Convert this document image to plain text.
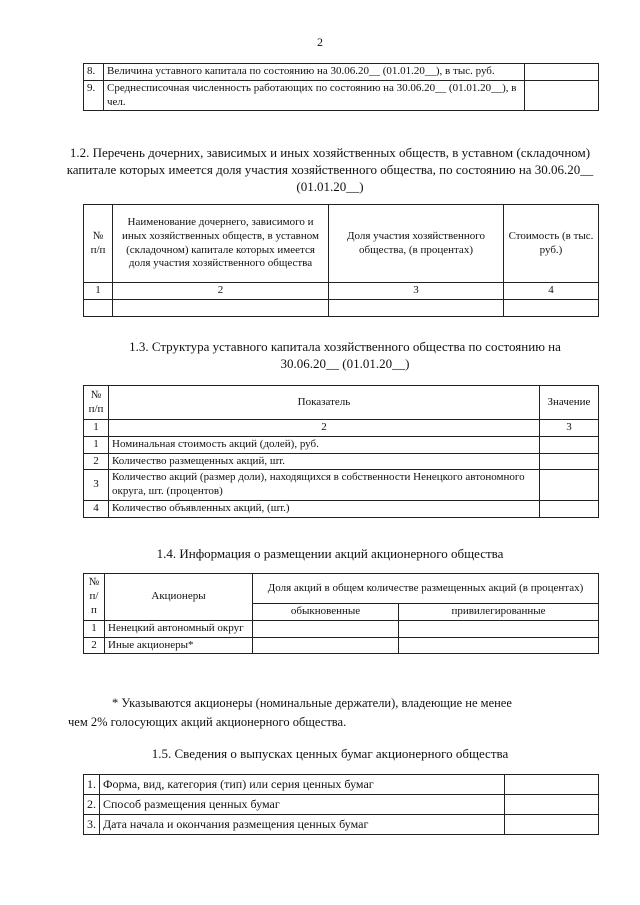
2
8.	Величина уставного капитала по состоянию на 30.06.20__ (01.01.20__), в тыс. руб.	
9.	Среднесписочная численность работающих по состоянию на 30.06.20__ (01.01.20__), в чел.	
1.2. Перечень дочерних, зависимых и иных хозяйственных обществ, в уставном (складочном) капитале которых имеется доля участия хозяйственного общества, по состоянию на 30.06.20__ (01.01.20__)
№ п/п	Наименование дочернего, зависимого и иных хозяйственных обществ, в уставном (складочном) капитале которых имеется доля участия хозяйственного общества	Доля участия хозяйственного общества, (в процентах)	Стоимость (в тыс. руб.)
1	2	3	4

1.3. Структура уставного капитала хозяйственного общества по состоянию на 30.06.20__ (01.01.20__)
№ п/п	Показатель	Значение
1	2	3
1	Номинальная стоимость акций (долей), руб.	
2	Количество размещенных акций, шт.	
3	Количество акций (размер доли), находящихся в собственности Ненецкого автономного округа, шт. (процентов)	
4	Количество объявленных акций, (шт.)	
1.4. Информация о размещении акций акционерного общества
№ п/п	Акционеры	Доля акций в общем количестве размещенных акций (в процентах)	
		обыкновенные	привилегированные
1	Ненецкий автономный округ		
2	Иные акционеры*		
* Указываются акционеры (номинальные держатели), владеющие не менее
чем 2% голосующих акций акционерного общества.
1.5. Сведения о выпусках ценных бумаг акционерного общества
1.	Форма, вид, категория (тип) или серия ценных бумаг	
2.	Способ размещения ценных бумаг	
3.	Дата начала и окончания размещения ценных бумаг	
